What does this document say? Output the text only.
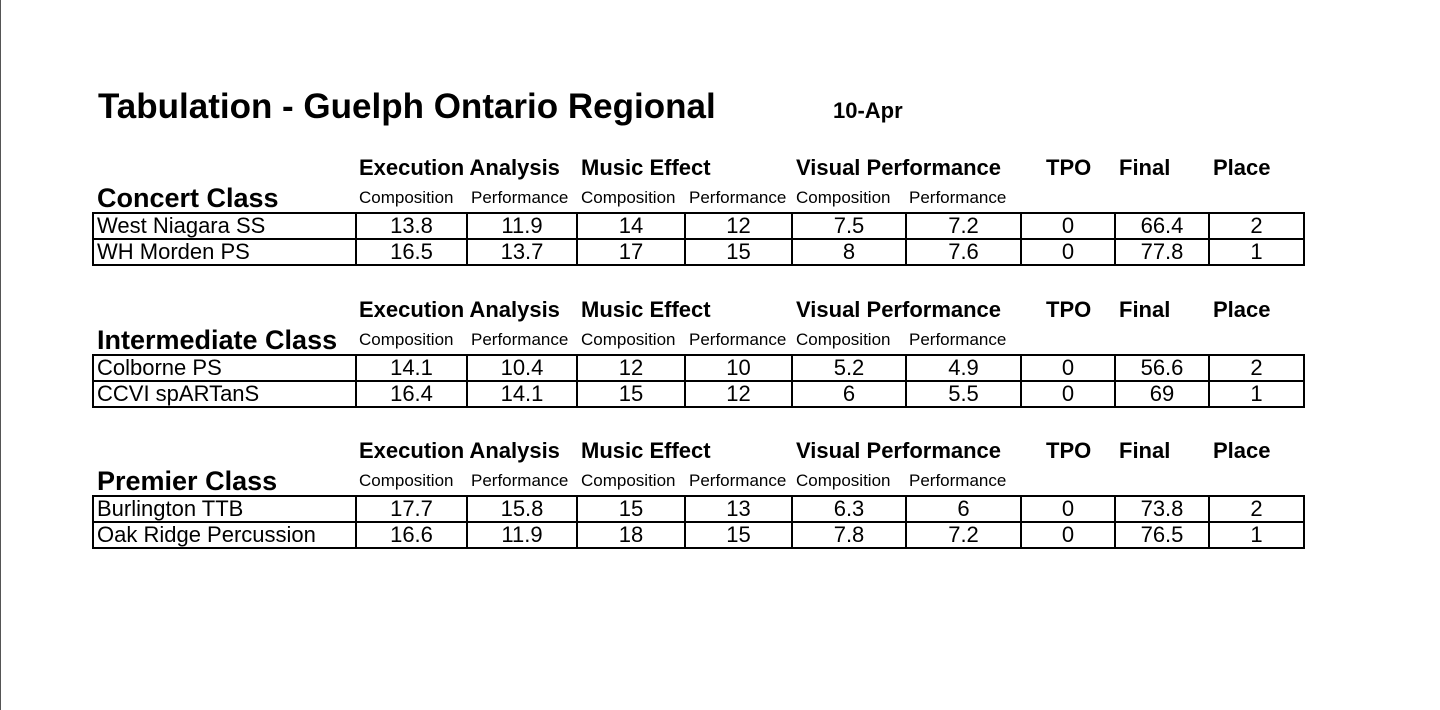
Tabulation - Guelph Ontario Regional	10-Apr
Execution Analysis Music Effect	Visual Performance TPO Final Place
Composition Performance Composition Performance Composition Performance
Concert Class
West Niagara SS	13.8	11.9	14	12	7.5	7.2	0	66.4	2
WH Morden PS	16.5	13.7	17	15	8	7.6	0	77.8	1
Execution Analysis Music Effect	Visual Performance TPO Final Place
Composition Performance Composition Performance Composition Performance
Intermediate Class
Colborne PS	14.1	10.4	12	10	5.2	4.9	0	56.6	2
CCVI spARTanS	16.4	14.1	15	12	6	5.5	0	69	1
Execution Analysis Music Effect	Visual Performance TPO Final Place
Composition Performance Composition Performance Composition Performance
Premier Class
Burlington TTB	17.7	15.8	15	13	6.3	6	0	73.8	2
Oak Ridge Percussion	16.6	11.9	18	15	7.8	7.2	0	76.5	1
